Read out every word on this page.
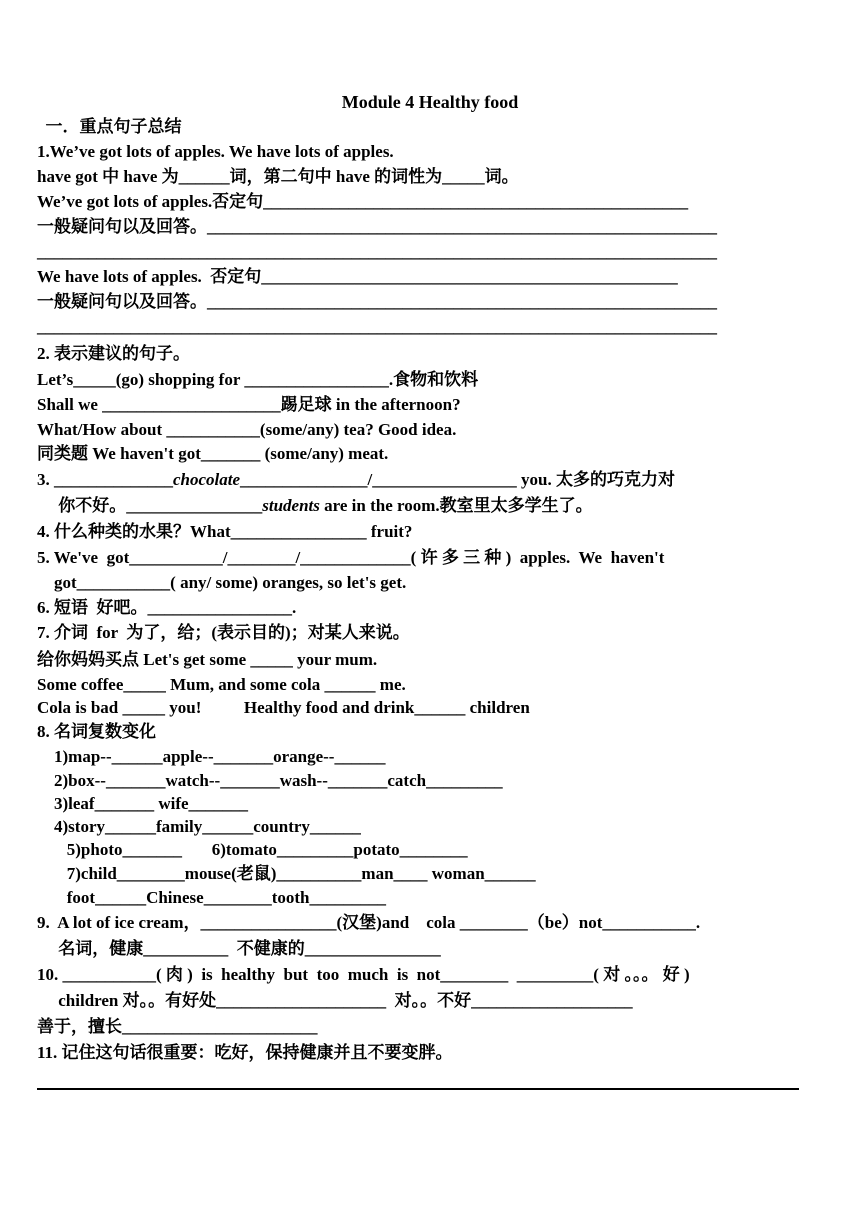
Module 4 Healthy food
一．重点句子总结
1.We’ve got lots of apples. We have lots of apples.
have got 中 have 为______词，第二句中 have 的词性为_____词。
We’ve got lots of apples.否定句__________________________________________________
一般疑问句以及回答。____________________________________________________________
________________________________________________________________________________
We have lots of apples.  否定句_________________________________________________
一般疑问句以及回答。____________________________________________________________
________________________________________________________________________________
2. 表示建议的句子。
Let’s_____(go) shopping for _________________.食物和饮料
Shall we _____________________踢足球 in the afternoon?
What/How about ___________(some/any) tea? Good idea.
同类题 We haven't got_______ (some/any) meat.
3. ______________chocolate_______________/_________________ you. 太多的巧克力对
你不好。________________students are in the room.教室里太多学生了。
4. 什么种类的水果？What________________ fruit?
5. We've  got___________/________/_____________( 许 多 三 种 )  apples.  We  haven't
got___________( any/ some) oranges, so let's get.
6. 短语  好吧。_________________.
7. 介词  for  为了，给；(表示目的)；对某人来说。
给你妈妈买点 Let's get some _____ your mum.
Some coffee_____ Mum, and some cola ______ me.
Cola is bad _____ you!          Healthy food and drink______ children
8. 名词复数变化
1)map--______apple--_______orange--______
2)box--_______watch--_______wash--_______catch_________
3)leaf_______ wife_______
4)story______family______country______
5)photo_______       6)tomato_________potato________
7)child________mouse(老鼠)__________man____ woman______
foot______Chinese________tooth_________
9.  A lot of ice cream，________________(汉堡)and    cola ________（be）not___________.
名词，健康__________  不健康的________________
10. ___________( 肉 )  is  healthy  but  too  much  is  not________  _________( 对 。。。 好 )
children 对。。有好处____________________  对。。不好___________________
善于，擅长_______________________
11. 记住这句话很重要：吃好，保持健康并且不要变胖。
